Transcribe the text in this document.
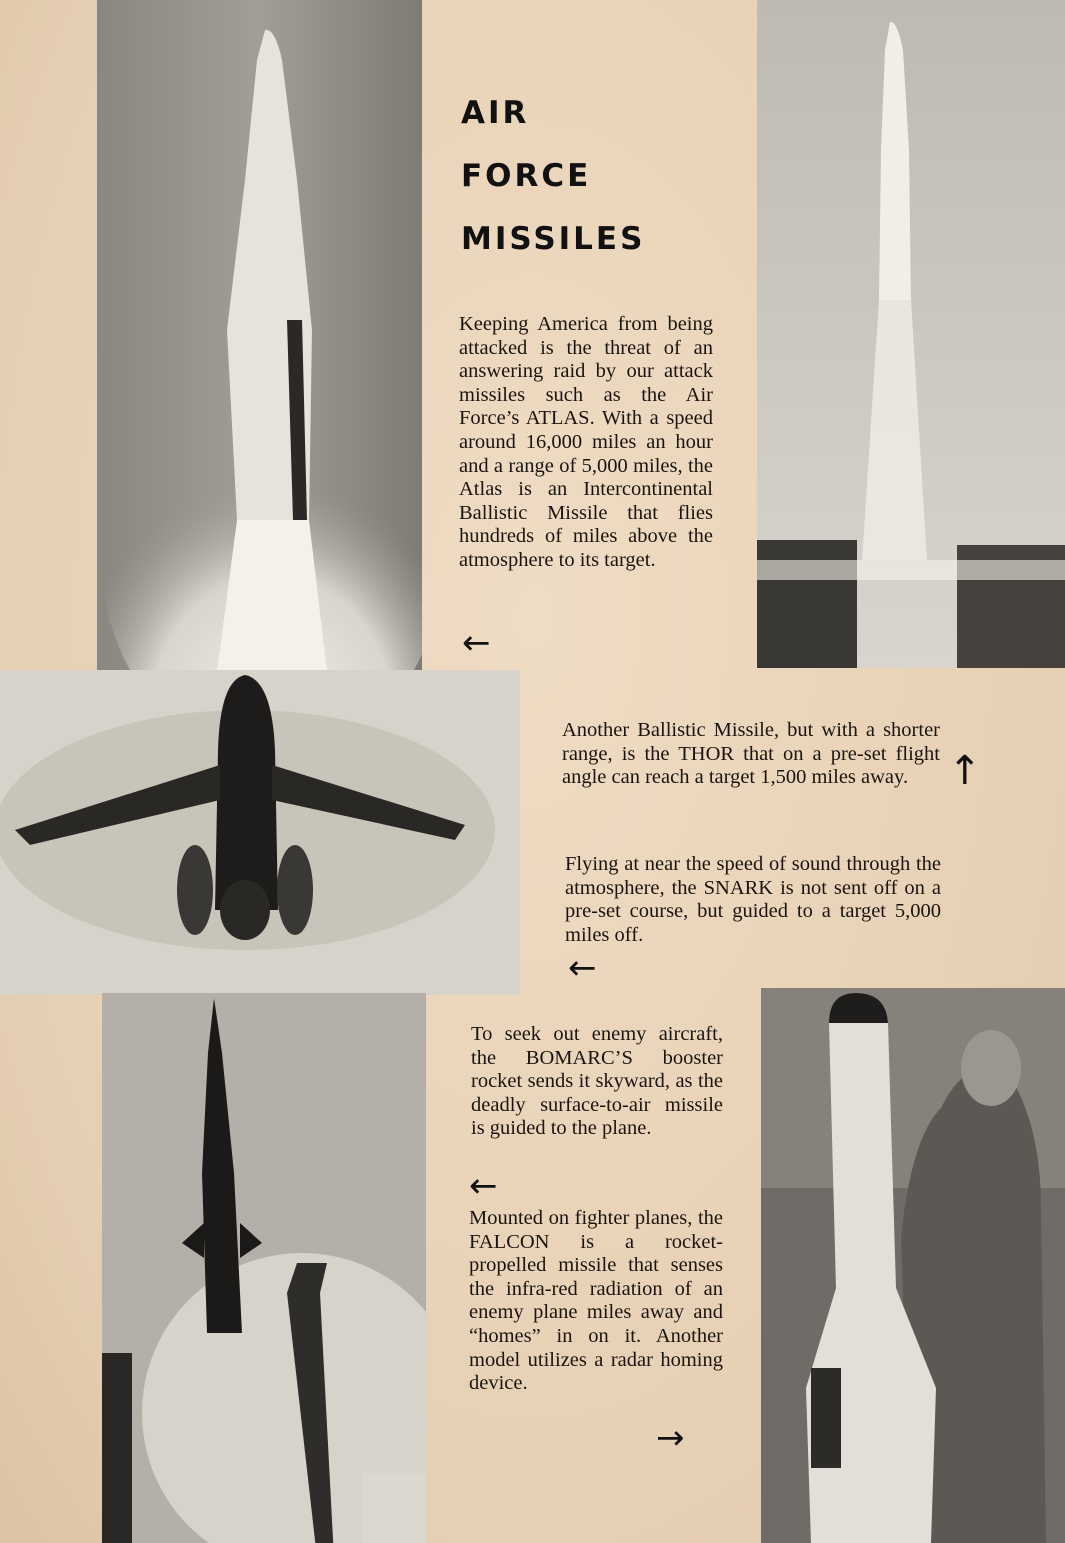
AIR
FORCE
MISSILES
Keeping America from being attacked is the threat of an answering raid by our attack missiles such as the Air Force’s ATLAS. With a speed around 16,000 miles an hour and a range of 5,000 miles, the Atlas is an Intercontinental Ballistic Missile that flies hundreds of miles above the atmosphere to its target.
←
Another Ballistic Missile, but with a shorter range, is the THOR that on a pre-set flight angle can reach a target 1,500 miles away. ↑
Flying at near the speed of sound through the atmosphere, the SNARK is not sent off on a pre-set course, but guided to a target 5,000 miles off.
←
To seek out enemy aircraft, the BOMARC’S booster rocket sends it skyward, as the deadly surface-to-air missile is guided to the plane.
←
Mounted on fighter planes, the FALCON is a rocket-propelled missile that senses the infra-red radiation of an enemy plane miles away and “homes” in on it. Another model utilizes a radar homing device.
→
